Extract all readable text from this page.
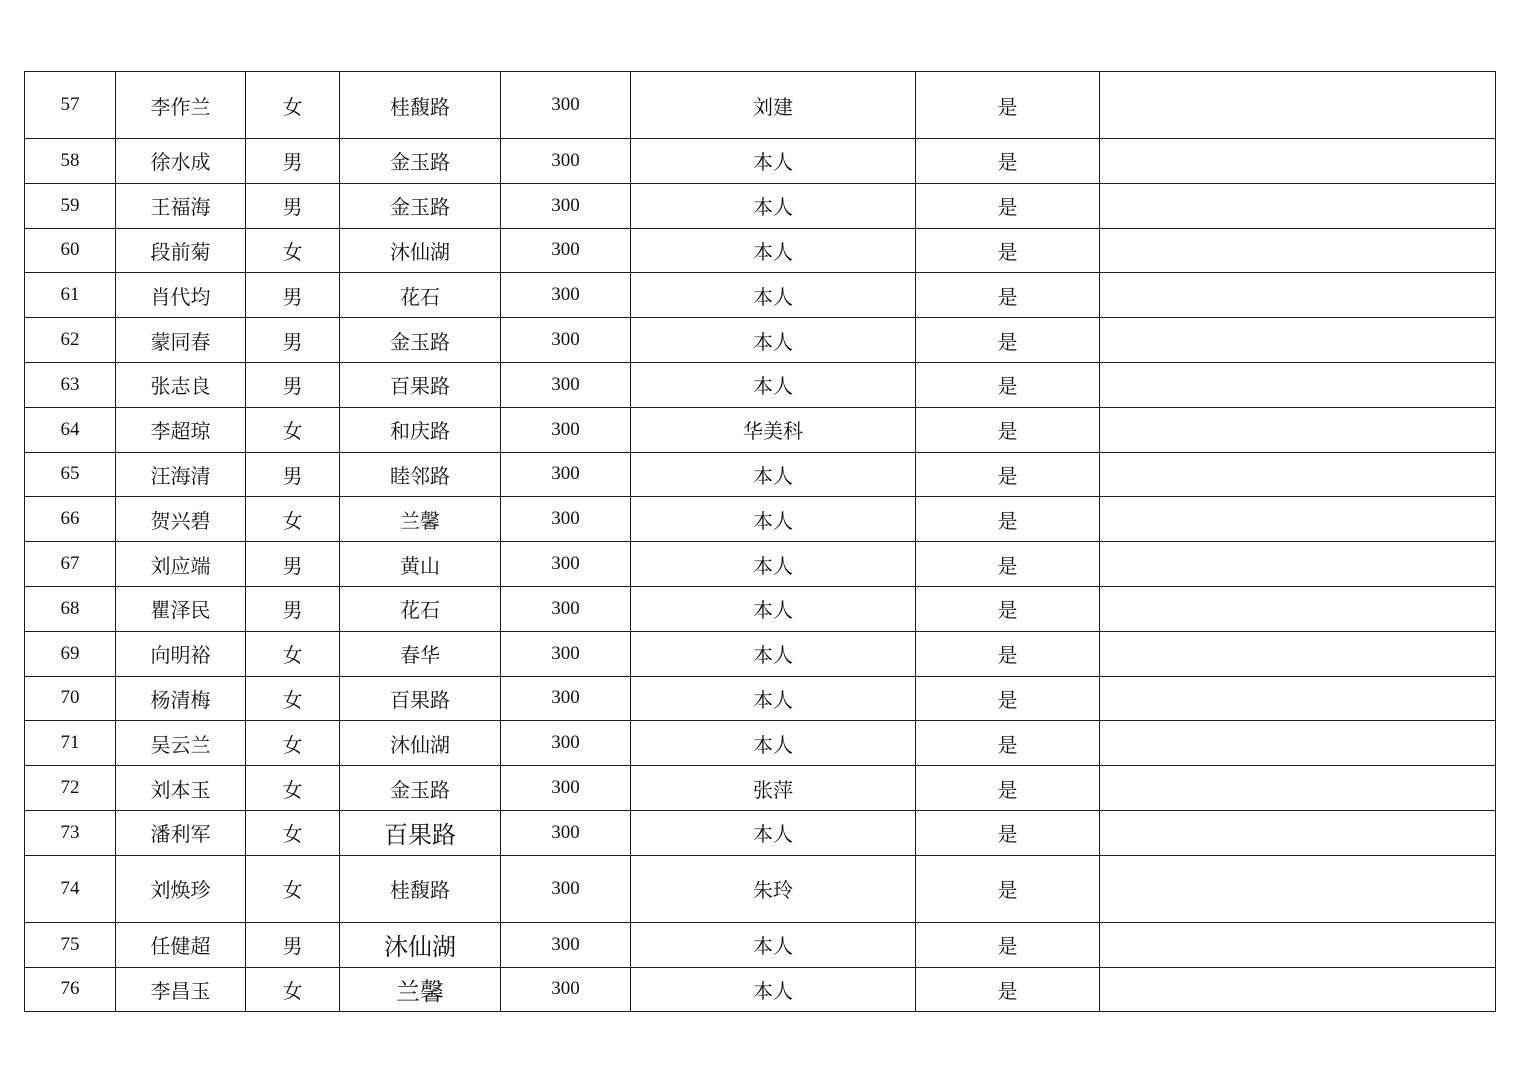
57	李作兰	女	桂馥路	300	刘建	是	
58	徐水成	男	金玉路	300	本人	是	
59	王福海	男	金玉路	300	本人	是	
60	段前菊	女	沐仙湖	300	本人	是	
61	肖代均	男	花石	300	本人	是	
62	蒙同春	男	金玉路	300	本人	是	
63	张志良	男	百果路	300	本人	是	
64	李超琼	女	和庆路	300	华美科	是	
65	汪海清	男	睦邻路	300	本人	是	
66	贺兴碧	女	兰馨	300	本人	是	
67	刘应端	男	黄山	300	本人	是	
68	瞿泽民	男	花石	300	本人	是	
69	向明裕	女	春华	300	本人	是	
70	杨清梅	女	百果路	300	本人	是	
71	吴云兰	女	沐仙湖	300	本人	是	
72	刘本玉	女	金玉路	300	张萍	是	
73	潘利军	女	百果路	300	本人	是	
74	刘焕珍	女	桂馥路	300	朱玲	是	
75	任健超	男	沐仙湖	300	本人	是	
76	李昌玉	女	兰馨	300	本人	是	
